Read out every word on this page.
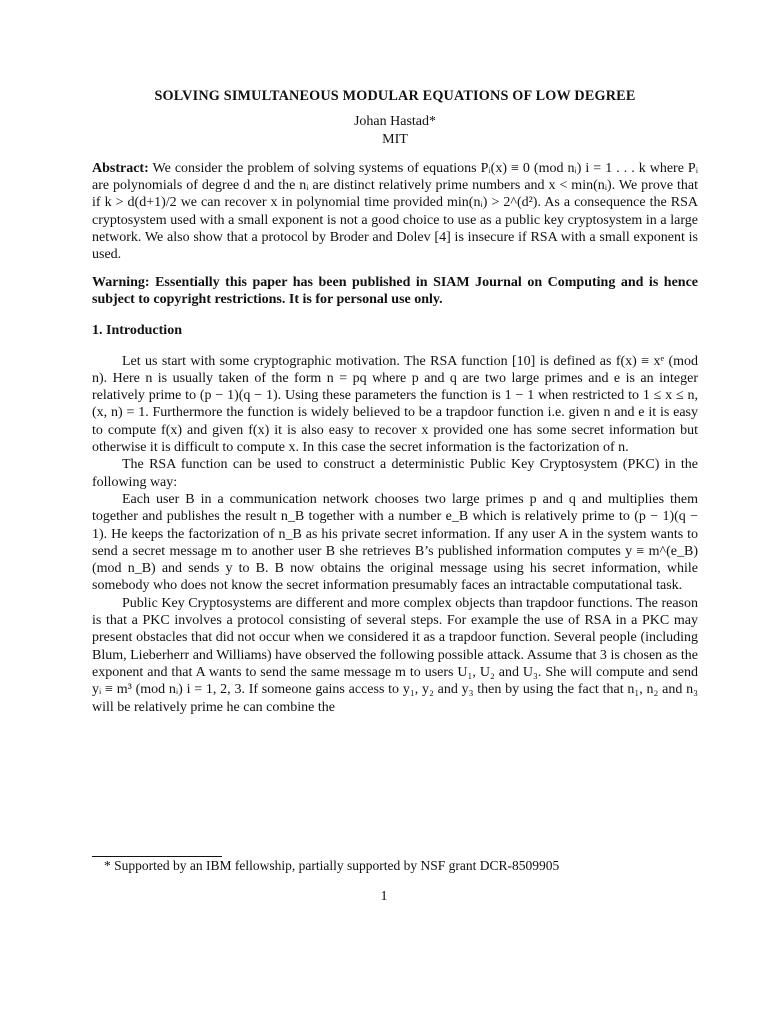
SOLVING SIMULTANEOUS MODULAR EQUATIONS OF LOW DEGREE
Johan Hastad*
MIT
Abstract: We consider the problem of solving systems of equations Pᵢ(x) ≡ 0 (mod nᵢ) i = 1 . . . k where Pᵢ are polynomials of degree d and the nᵢ are distinct relatively prime numbers and x < min(nᵢ). We prove that if k > d(d+1)/2 we can recover x in polynomial time provided min(nᵢ) > 2^(d²). As a consequence the RSA cryptosystem used with a small exponent is not a good choice to use as a public key cryptosystem in a large network. We also show that a protocol by Broder and Dolev [4] is insecure if RSA with a small exponent is used.
Warning: Essentially this paper has been published in SIAM Journal on Computing and is hence subject to copyright restrictions. It is for personal use only.
1. Introduction

Let us start with some cryptographic motivation. The RSA function [10] is defined as f(x) ≡ xᵉ (mod n). Here n is usually taken of the form n = pq where p and q are two large primes and e is an integer relatively prime to (p − 1)(q − 1). Using these parameters the function is 1 − 1 when restricted to 1 ≤ x ≤ n, (x, n) = 1. Furthermore the function is widely believed to be a trapdoor function i.e. given n and e it is easy to compute f(x) and given f(x) it is also easy to recover x provided one has some secret information but otherwise it is difficult to compute x. In this case the secret information is the factorization of n.

The RSA function can be used to construct a deterministic Public Key Cryptosystem (PKC) in the following way:

Each user B in a communication network chooses two large primes p and q and multiplies them together and publishes the result n_B together with a number e_B which is relatively prime to (p − 1)(q − 1). He keeps the factorization of n_B as his private secret information. If any user A in the system wants to send a secret message m to another user B she retrieves B’s published information computes y ≡ m^(e_B) (mod n_B) and sends y to B. B now obtains the original message using his secret information, while somebody who does not know the secret information presumably faces an intractable computational task.

Public Key Cryptosystems are different and more complex objects than trapdoor functions. The reason is that a PKC involves a protocol consisting of several steps. For example the use of RSA in a PKC may present obstacles that did not occur when we considered it as a trapdoor function. Several people (including Blum, Lieberherr and Williams) have observed the following possible attack. Assume that 3 is chosen as the exponent and that A wants to send the same message m to users U₁, U₂ and U₃. She will compute and send yᵢ ≡ m³ (mod nᵢ) i = 1, 2, 3. If someone gains access to y₁, y₂ and y₃ then by using the fact that n₁, n₂ and n₃ will be relatively prime he can combine the

* Supported by an IBM fellowship, partially supported by NSF grant DCR-8509905
1
